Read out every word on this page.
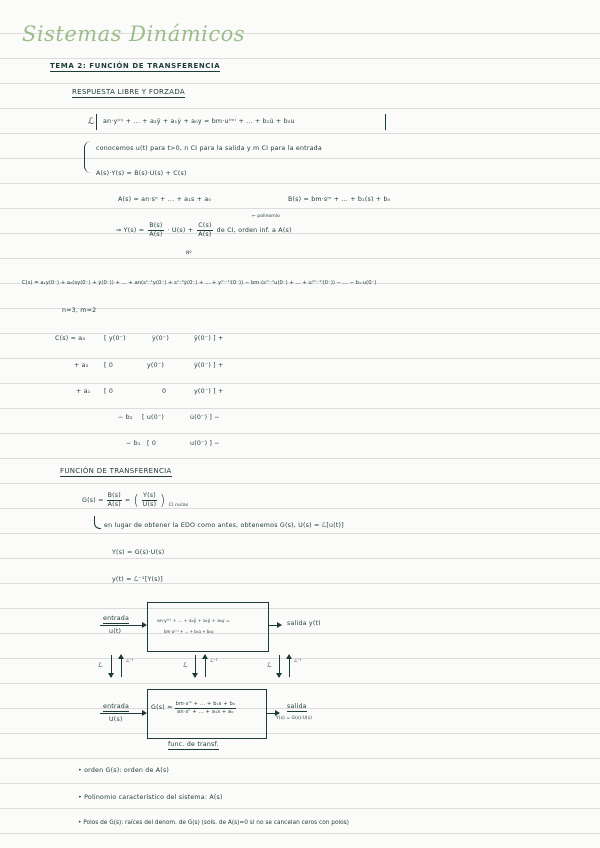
Sistemas Dinámicos
TEMA 2: FUNCIÓN DE TRANSFERENCIA
RESPUESTA LIBRE Y FORZADA
ℒ an·y⁽ⁿ⁾ + ... + a₂ÿ + a₁ẏ + a₀y = bm·u⁽ᵐ⁾ + ... + b₁u̇ + b₀u
conocemos u(t) para t>0, n CI para la salida y m CI para la entrada
A(s)·Y(s) = B(s)·U(s) + C(s)
A(s) = an·sⁿ + ... + a₁s + a₀	B(s) = bm·sᵐ + ... + b₁(s) + b₀
← polinomio
⇒ $Y(s) = \frac{B(s)}{A(s)} \cdot U(s) + \frac{C(s)}{A(s)}$ de CI, orden inf. a A(s)
Nº
C(s) = a₁y(0⁻) + a₂(sy(0⁻) + ẏ(0⁻)) + ... + an(sⁿ⁻¹y(0⁻) + sⁿ⁻²ẏ(0⁻) + ... + y⁽ⁿ⁻¹⁾(0⁻)) − bm·(sᵐ⁻¹u(0⁻) + ... + u⁽ᵐ⁻¹⁾(0⁻)) − ... − b₁·u(0⁻)
n=3, m=2
C(s) = a₃	[ y(0⁻)	ẏ(0⁻)	ÿ(0⁻) ] +
+ a₂ [ 0	y(0⁻)	ẏ(0⁻) ] +
+ a₁ [ 0	0	y(0⁻) ] +
− b₂ [ u(0⁻)	u̇(0⁻) ] −
− b₁ [ 0	u(0⁻) ] −
FUNCIÓN DE TRANSFERENCIA
$G(s) = \frac{B(s)}{A(s)}$ = ( $\frac{Y(s)}{U(s)}$ ) CI nulas
en lugar de obtener la EDO como antes, obtenemos G(s), U(s) = ℒ[u(t)]
Y(s) = G(s)·U(s)
y(t) = ℒ⁻¹[Y(s)]
entrada
u(t)
an·y⁽ⁿ⁾ + ... + a₂ÿ + a₁ẏ + a₀y =
bm·u⁽ᵐ⁾ + ... + b₁u̇ + b₀u
salida y(t)
ℒ
ℒ⁻¹
ℒ
ℒ⁻¹
ℒ
ℒ⁻¹
entrada
U(s)
$G(s) = \frac{\text{bm·sᵐ + ... + b₁s + b₀}}{\text{an·sⁿ + ... + a₁s + a₀}}$	salida
Y(s) = G(s)·U(s)
func. de transf.
• orden G(s): orden de A(s)
• Polinomio característico del sistema: A(s)
• Polos de G(s): raíces del denom. de G(s) (sols. de A(s)=0 si no se cancelan ceros con polos)
